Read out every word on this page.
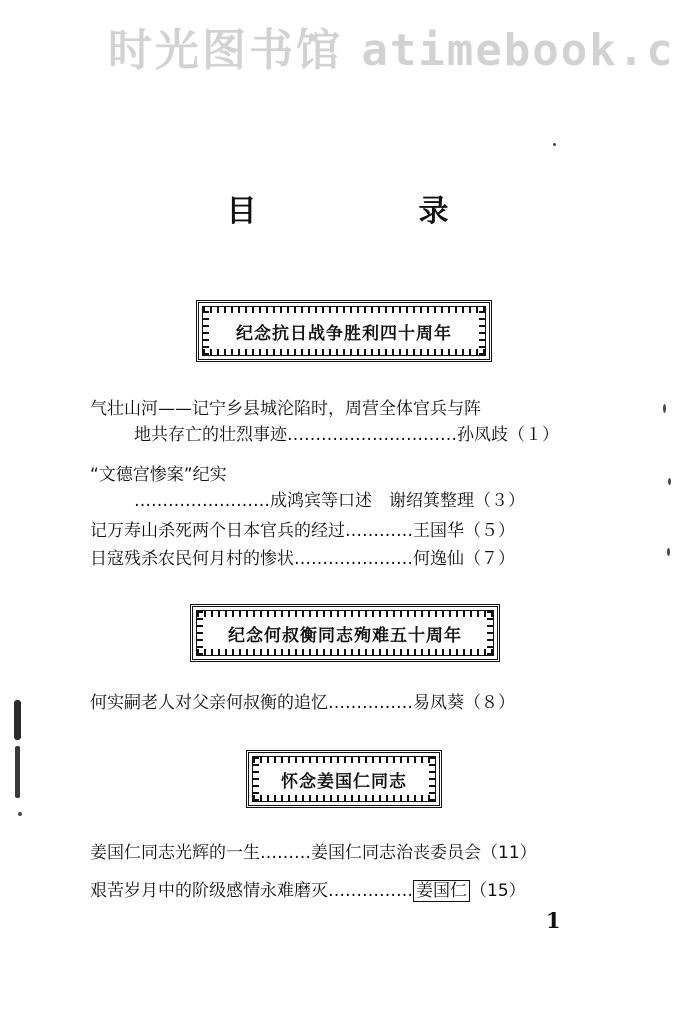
时光图书馆 atimebook.c
目　　录
纪念抗日战争胜利四十周年
气壮山河——记宁乡县城沦陷时，周营全体官兵与阵
地共存亡的壮烈事迹…………………………孙凤歧（１）
“文德宫惨案”纪实
……………………成鸿宾等口述　谢绍箕整理（３）
记万寿山杀死两个日本官兵的经过…………王国华（５）
日寇残杀农民何月村的惨状…………………何逸仙（７）
纪念何叔衡同志殉难五十周年
何实嗣老人对父亲何叔衡的追忆……………易凤葵（８）
怀念姜国仁同志
姜国仁同志光辉的一生………姜国仁同志治丧委员会（11）
艰苦岁月中的阶级感情永难磨灭…………… 姜国仁 （15）
1
